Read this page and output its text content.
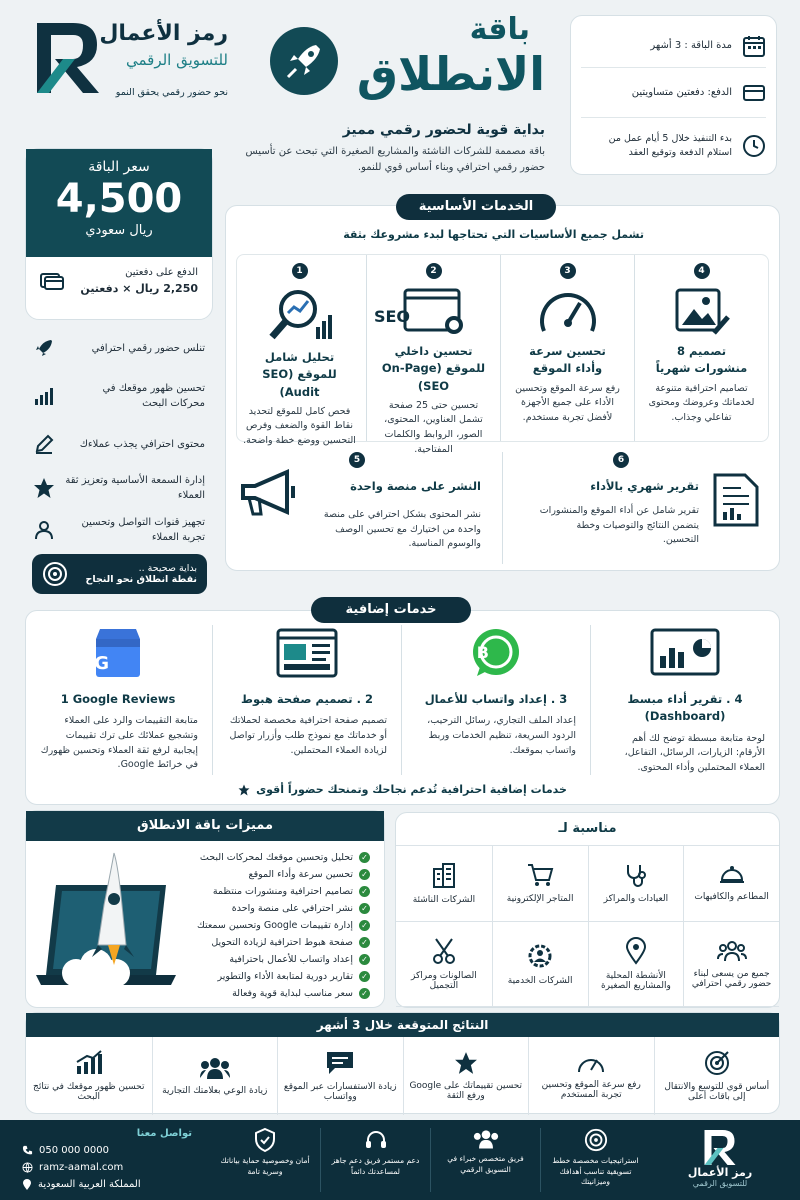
رمز الأعمال
للتسويق الرقمي
نحو حضور رقمي يحقق النمو
باقة
الانطلاق
بداية قوية لحضور رقمي مميز
باقة مصممة للشركات الناشئة والمشاريع الصغيرة التي تبحث عن تأسيس حضور رقمي احترافي وبناء أساس قوي للنمو.
مدة الباقة : 3 أشهر
الدفع: دفعتين متساويتين
بدء التنفيذ خلال 5 أيام عمل من استلام الدفعة وتوقيع العقد
سعر الباقة
4,500
ريال سعودي
الدفع على دفعتين
2,250 ريال × دفعتين
تنلس حضور رقمي احترافي
تحسين ظهور موقعك في محركات البحث
محتوى احترافي يجذب عملاءك
إدارة السمعة الأساسية وتعزيز ثقة العملاء
تجهيز قنوات التواصل وتحسين تجربة العملاء
بداية صحيحة ..
نقطة انطلاق نحو النجاح
الخدمات الأساسية
تشمل جميع الأساسيات التي تحتاجها لبدء مشروعك بثقة
4
تصميم 8 منشورات شهرياً
تصاميم احترافية متنوعة لخدماتك وعروضك ومحتوى تفاعلي وجذاب.
3
تحسين سرعة وأداء الموقع
رفع سرعة الموقع وتحسين الأداء على جميع الأجهزة لأفضل تجربة مستخدم.
2
SEO
تحسين داخلي للموقع (On-Page SEO)
تحسين حتى 25 صفحة تشمل العناوين، المحتوى، الصور، الروابط والكلمات المفتاحية.
1
تحليل شامل للموقع (SEO Audit)
فحص كامل للموقع لتحديد نقاط القوة والضعف وفرص التحسين ووضع خطة واضحة.
6
تقرير شهري بالأداء
تقرير شامل عن أداء الموقع والمنشورات يتضمن النتائج والتوصيات وخطة التحسين.
5
النشر على منصة واحدة
نشر المحتوى بشكل احترافي على منصة واحدة من اختيارك مع تحسين الوصف والوسوم المناسبة.
خدمات إضافية
4 . تقرير أداء مبسط (Dashboard)
لوحة متابعة مبسطة توضح لك أهم الأرقام: الزيارات، الرسائل، التفاعل، العملاء المحتملين وأداء المحتوى.
B
3 . إعداد واتساب للأعمال
إعداد الملف التجاري، رسائل الترحيب، الردود السريعة، تنظيم الخدمات وربط واتساب بموقعك.
2 . تصميم صفحة هبوط
تصميم صفحة احترافية مخصصة لحملاتك أو خدماتك مع نموذج طلب وأزرار تواصل لزيادة العملاء المحتملين.
G
1 Google Reviews
متابعة التقييمات والرد على العملاء وتشجيع عملائك على ترك تقييمات إيجابية لرفع ثقة العملاء وتحسين ظهورك في خرائط Google.
خدمات إضافية احترافية تُدعم نجاحك وتمنحك حضوراً أقوى
مميزات باقة الانطلاق
✓
تحليل وتحسين موقعك لمحركات البحث
✓
تحسين سرعة وأداء الموقع
✓
تصاميم احترافية ومنشورات منتظمة
✓
نشر احترافي على منصة واحدة
✓
إدارة تقييمات Google وتحسين سمعتك
✓
صفحة هبوط احترافية لزيادة التحويل
✓
إعداد واتساب للأعمال باحترافية
✓
تقارير دورية لمتابعة الأداء والتطوير
✓
سعر مناسب لبداية قوية وفعالة
مناسبة لـ
المطاعم والكافيهات
العيادات والمراكز
المتاجر الإلكترونية
الشركات الناشئة
جميع من يسعى لبناء حضور رقمي احترافي
الأنشطة المحلية والمشاريع الصغيرة
الشركات الخدمية
الصالونات ومراكز التجميل
النتائج المتوقعة خلال 3 أشهر
أساس قوي للتوسع والانتقال إلى باقات أعلى
رفع سرعة الموقع وتحسين تجربة المستخدم
تحسين تقييماتك على Google ورفع الثقة
زيادة الاستفسارات عبر الموقع وواتساب
زيادة الوعي بعلامتك التجارية
تحسين ظهور موقعك في نتائج البحث
رمز الأعمال
للتسويق الرقمي
استراتيجيات مخصصة خطط تسويقية تناسب أهدافك وميزانيتك
فريق متخصص خبراء في التسويق الرقمي
دعم مستمر فريق دعم جاهز لمساعدتك دائماً
أمان وخصوصية حماية بياناتك وسرية تامة
تواصل معنا
050 000 0000
ramz-aamal.com
المملكة العربية السعودية
